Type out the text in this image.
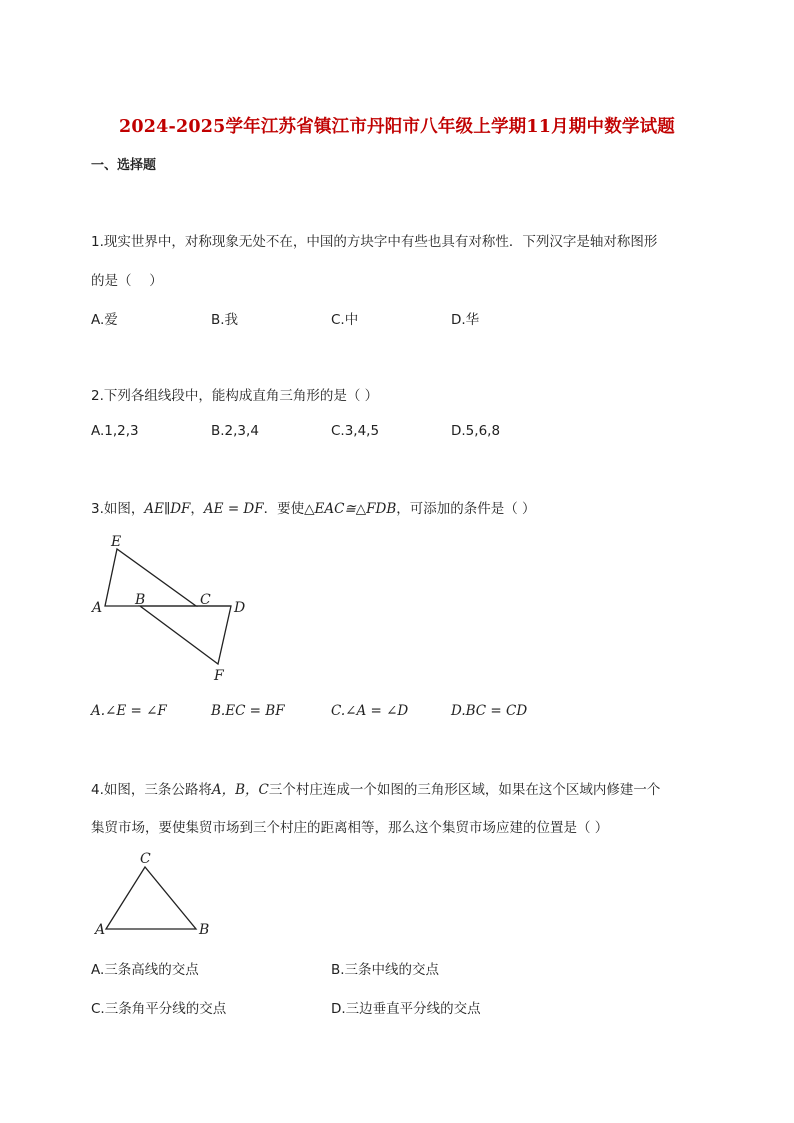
2024-2025学年江苏省镇江市丹阳市八年级上学期11月期中数学试题
一、选择题
1.现实世界中，对称现象无处不在，中国的方块字中有些也具有对称性．下列汉字是轴对称图形
的是（　 ）
A.爱	B.我	C.中	D.华
2.下列各组线段中，能构成直角三角形的是（ ）
A.1,2,3	B.2,3,4	C.3,4,5	D.5,6,8
3.如图，AE∥DF，AE = DF．要使△EAC≅△FDB，可添加的条件是（ ）
E
A B	C D
F
C
A	B
A.∠E = ∠F	B.EC = BF	C.∠A = ∠D	D.BC = CD
4.如图，三条公路将A，B，C三个村庄连成一个如图的三角形区域，如果在这个区域内修建一个
集贸市场，要使集贸市场到三个村庄的距离相等，那么这个集贸市场应建的位置是（ ）
A.三条高线的交点	B.三条中线的交点
C.三条角平分线的交点	D.三边垂直平分线的交点
